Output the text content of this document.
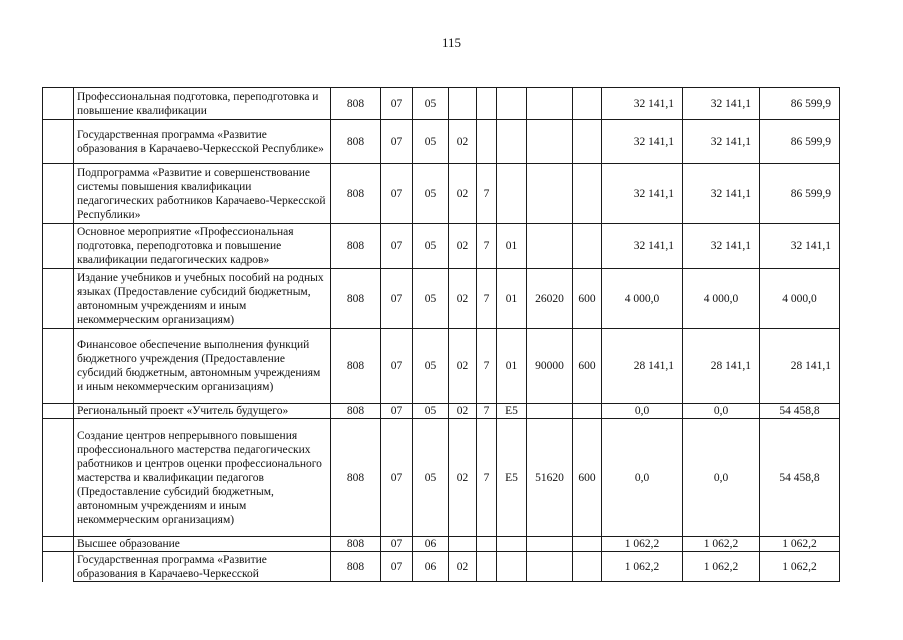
115
	Профессиональная подготовка, переподготовка и повышение квалификации	808	07	05						32 141,1	32 141,1	86 599,9
	Государственная программа «Развитие образования в Карачаево-Черкесской Республике»	808	07	05	02					32 141,1	32 141,1	86 599,9
	Подпрограмма «Развитие и совершенствование системы повышения квалификации педагогических работников Карачаево-Черкесской Республики»	808	07	05	02	7				32 141,1	32 141,1	86 599,9
	Основное мероприятие «Профессиональная подготовка, переподготовка и повышение квалификации педагогических кадров»	808	07	05	02	7	01			32 141,1	32 141,1	32 141,1
	Издание учебников и учебных пособий на родных языках (Предоставление субсидий бюджетным, автономным учреждениям и иным некоммерческим организациям)	808	07	05	02	7	01	26020	600	4 000,0	4 000,0	4 000,0
	Финансовое обеспечение выполнения функций бюджетного учреждения (Предоставление субсидий бюджетным, автономным учреждениям и иным некоммерческим организациям)	808	07	05	02	7	01	90000	600	28 141,1	28 141,1	28 141,1
	Региональный проект «Учитель будущего»	808	07	05	02	7	E5			0,0	0,0	54 458,8
	Создание центров непрерывного повышения профессионального мастерства педагогических работников и центров оценки профессионального мастерства и квалификации педагогов (Предоставление субсидий бюджетным, автономным учреждениям и иным некоммерческим организациям)	808	07	05	02	7	E5	51620	600	0,0	0,0	54 458,8
	Высшее образование	808	07	06						1 062,2	1 062,2	1 062,2
	Государственная программа «Развитие образования в Карачаево-Черкесской	808	07	06	02					1 062,2	1 062,2	1 062,2
